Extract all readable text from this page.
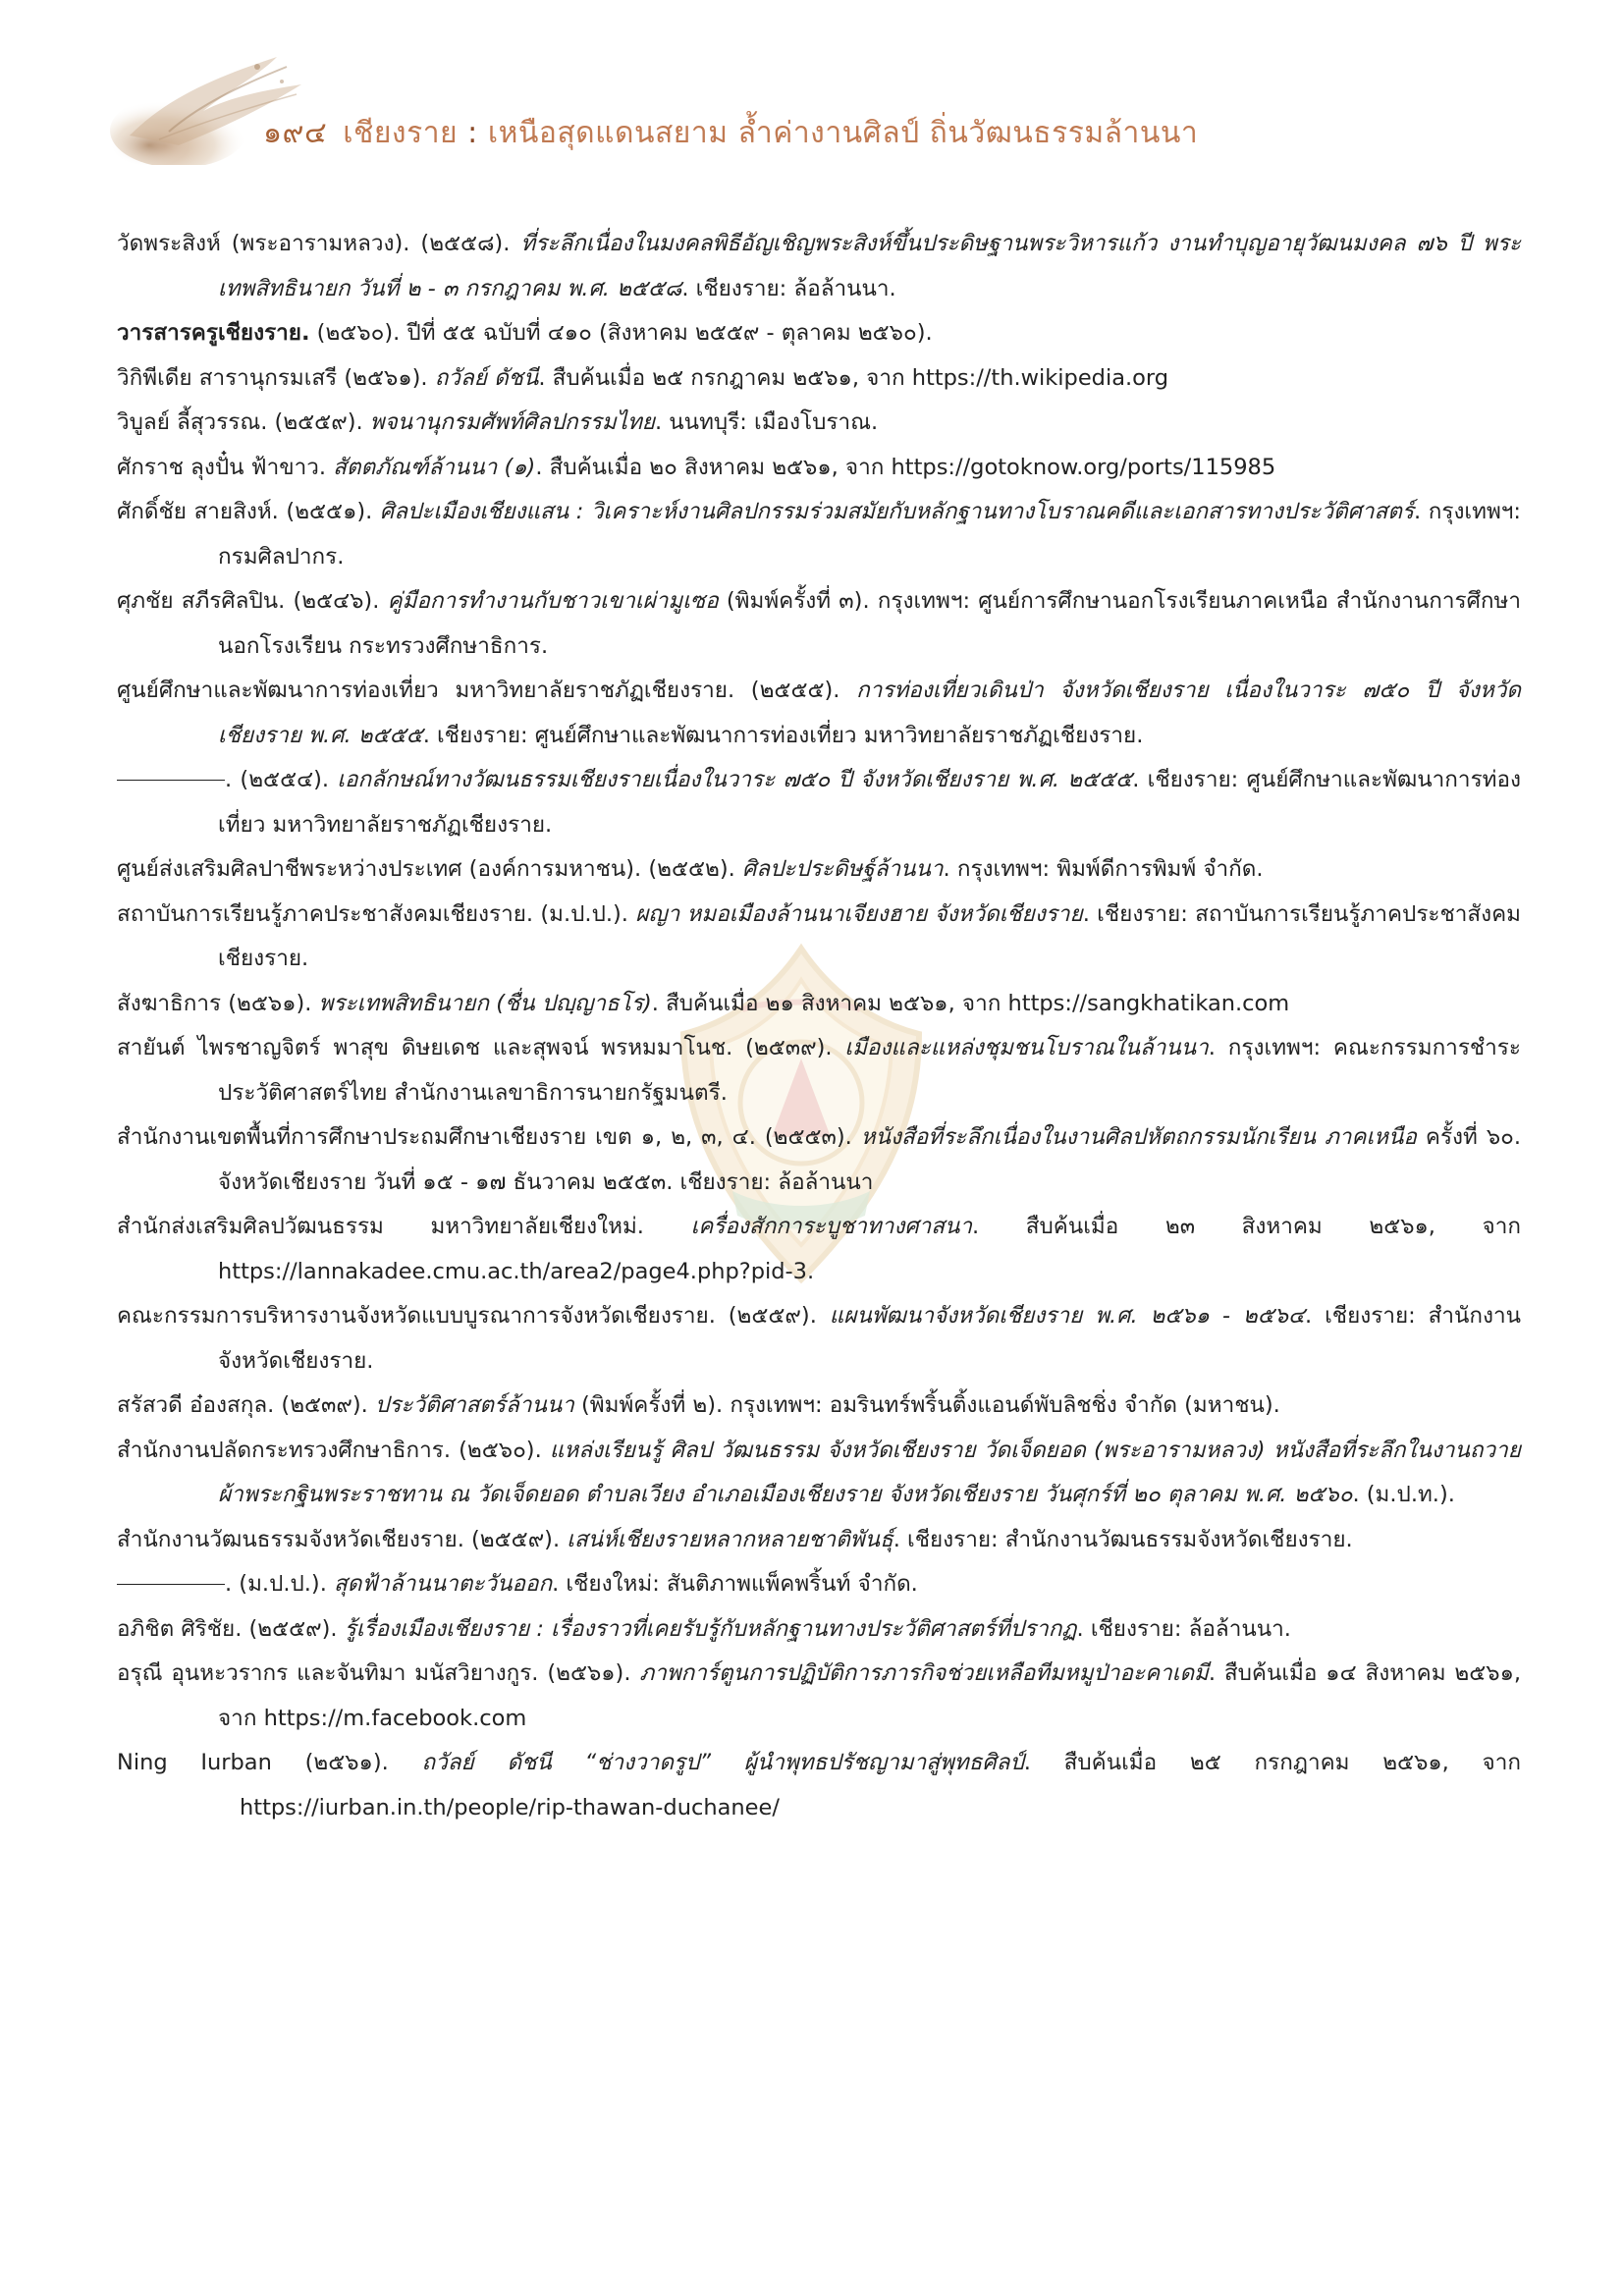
๑๙๔ เชียงราย : เหนือสุดแดนสยาม ล้ำค่างานศิลป์ ถิ่นวัฒนธรรมล้านนา
วัดพระสิงห์ (พระอารามหลวง). (๒๕๕๘). ที่ระลึกเนื่องในมงคลพิธีอัญเชิญพระสิงห์ขึ้นประดิษฐานพระวิหารแก้ว งานทำบุญอายุวัฒนมงคล ๗๖ ปี พระเทพสิทธินายก วันที่ ๒ - ๓ กรกฎาคม พ.ศ. ๒๕๕๘. เชียงราย: ล้อล้านนา.
วารสารครูเชียงราย. (๒๕๖๐). ปีที่ ๕๕ ฉบับที่ ๔๑๐ (สิงหาคม ๒๕๕๙ - ตุลาคม ๒๕๖๐).
วิกิพีเดีย สารานุกรมเสรี (๒๕๖๑). ถวัลย์ ดัชนี. สืบค้นเมื่อ ๒๕ กรกฎาคม ๒๕๖๑, จาก https://th.wikipedia.org
วิบูลย์ ลี้สุวรรณ. (๒๕๕๙). พจนานุกรมศัพท์ศิลปกรรมไทย. นนทบุรี: เมืองโบราณ.
ศักราช ลุงปั๋น ฟ้าขาว. สัตตภัณฑ์ล้านนา (๑). สืบค้นเมื่อ ๒๐ สิงหาคม ๒๕๖๑, จาก https://gotoknow.org/ports/115985
ศักดิ์ชัย สายสิงห์. (๒๕๕๑). ศิลปะเมืองเชียงแสน : วิเคราะห์งานศิลปกรรมร่วมสมัยกับหลักฐานทางโบราณคดีและเอกสารทางประวัติศาสตร์. กรุงเทพฯ: กรมศิลปากร.
ศุภชัย สภีรศิลปิน. (๒๕๔๖). คู่มือการทำงานกับชาวเขาเผ่ามูเซอ (พิมพ์ครั้งที่ ๓). กรุงเทพฯ: ศูนย์การศึกษานอกโรงเรียนภาคเหนือ สำนักงานการศึกษานอกโรงเรียน กระทรวงศึกษาธิการ.
ศูนย์ศึกษาและพัฒนาการท่องเที่ยว มหาวิทยาลัยราชภัฏเชียงราย. (๒๕๕๕). การท่องเที่ยวเดินป่า จังหวัดเชียงราย เนื่องในวาระ ๗๕๐ ปี จังหวัดเชียงราย พ.ศ. ๒๕๕๕. เชียงราย: ศูนย์ศึกษาและพัฒนาการท่องเที่ยว มหาวิทยาลัยราชภัฏเชียงราย.
. (๒๕๕๔). เอกลักษณ์ทางวัฒนธรรมเชียงรายเนื่องในวาระ ๗๕๐ ปี จังหวัดเชียงราย พ.ศ. ๒๕๕๕. เชียงราย: ศูนย์ศึกษาและพัฒนาการท่องเที่ยว มหาวิทยาลัยราชภัฏเชียงราย.
ศูนย์ส่งเสริมศิลปาชีพระหว่างประเทศ (องค์การมหาชน). (๒๕๕๒). ศิลปะประดิษฐ์ล้านนา. กรุงเทพฯ: พิมพ์ดีการพิมพ์ จำกัด.
สถาบันการเรียนรู้ภาคประชาสังคมเชียงราย. (ม.ป.ป.). ผญา หมอเมืองล้านนาเจียงฮาย จังหวัดเชียงราย. เชียงราย: สถาบันการเรียนรู้ภาคประชาสังคมเชียงราย.
สังฆาธิการ (๒๕๖๑). พระเทพสิทธินายก (ชื่น ปญฺญาธโร). สืบค้นเมื่อ ๒๑ สิงหาคม ๒๕๖๑, จาก https://sangkhatikan.com
สายันต์ ไพรชาญจิตร์ พาสุข ดิษยเดช และสุพจน์ พรหมมาโนช. (๒๕๓๙). เมืองและแหล่งชุมชนโบราณในล้านนา. กรุงเทพฯ: คณะกรรมการชำระประวัติศาสตร์ไทย สำนักงานเลขาธิการนายกรัฐมนตรี.
สำนักงานเขตพื้นที่การศึกษาประถมศึกษาเชียงราย เขต ๑, ๒, ๓, ๔. (๒๕๕๓). หนังสือที่ระลึกเนื่องในงานศิลปหัตถกรรมนักเรียน ภาคเหนือ ครั้งที่ ๖๐. จังหวัดเชียงราย วันที่ ๑๕ - ๑๗ ธันวาคม ๒๕๕๓. เชียงราย: ล้อล้านนา
สำนักส่งเสริมศิลปวัฒนธรรม มหาวิทยาลัยเชียงใหม่. เครื่องสักการะบูชาทางศาสนา. สืบค้นเมื่อ ๒๓ สิงหาคม ๒๕๖๑, จาก https://lannakadee.cmu.ac.th/area2/page4.php?pid-3.
คณะกรรมการบริหารงานจังหวัดแบบบูรณาการจังหวัดเชียงราย. (๒๕๕๙). แผนพัฒนาจังหวัดเชียงราย พ.ศ. ๒๕๖๑ - ๒๕๖๔. เชียงราย: สำนักงานจังหวัดเชียงราย.
สรัสวดี อ๋องสกุล. (๒๕๓๙). ประวัติศาสตร์ล้านนา (พิมพ์ครั้งที่ ๒). กรุงเทพฯ: อมรินทร์พริ้นติ้งแอนด์พับลิชชิ่ง จำกัด (มหาชน).
สำนักงานปลัดกระทรวงศึกษาธิการ. (๒๕๖๐). แหล่งเรียนรู้ ศิลป วัฒนธรรม จังหวัดเชียงราย วัดเจ็ดยอด (พระอารามหลวง) หนังสือที่ระลึกในงานถวายผ้าพระกฐินพระราชทาน ณ วัดเจ็ดยอด ตำบลเวียง อำเภอเมืองเชียงราย จังหวัดเชียงราย วันศุกร์ที่ ๒๐ ตุลาคม พ.ศ. ๒๕๖๐. (ม.ป.ท.).
สำนักงานวัฒนธรรมจังหวัดเชียงราย. (๒๕๕๙). เสน่ห์เชียงรายหลากหลายชาติพันธุ์. เชียงราย: สำนักงานวัฒนธรรมจังหวัดเชียงราย.
. (ม.ป.ป.). สุดฟ้าล้านนาตะวันออก. เชียงใหม่: สันติภาพแพ็คพริ้นท์ จำกัด.
อภิชิต ศิริชัย. (๒๕๕๙). รู้เรื่องเมืองเชียงราย : เรื่องราวที่เคยรับรู้กับหลักฐานทางประวัติศาสตร์ที่ปรากฏ. เชียงราย: ล้อล้านนา.
อรุณี อุนหะวรากร และจันทิมา มนัสวิยางกูร. (๒๕๖๑). ภาพการ์ตูนการปฏิบัติการภารกิจช่วยเหลือทีมหมูป่าอะคาเดมี. สืบค้นเมื่อ ๑๔ สิงหาคม ๒๕๖๑, จาก https://m.facebook.com
Ning Iurban (๒๕๖๑). ถวัลย์ ดัชนี “ช่างวาดรูป” ผู้นำพุทธปรัชญามาสู่พุทธศิลป์. สืบค้นเมื่อ ๒๕ กรกฎาคม ๒๕๖๑, จาก https://iurban.in.th/people/rip-thawan-duchanee/
